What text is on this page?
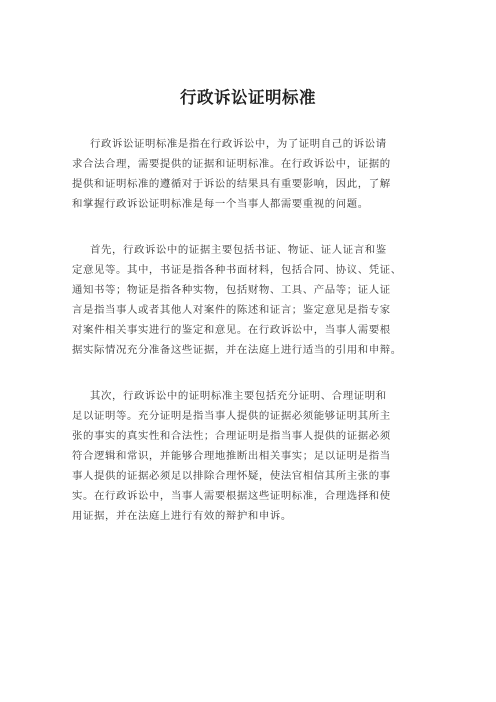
行政诉讼证明标准
行政诉讼证明标准是指在行政诉讼中，为了证明自己的诉讼请
求合法合理，需要提供的证据和证明标准。在行政诉讼中，证据的
提供和证明标准的遵循对于诉讼的结果具有重要影响，因此，了解
和掌握行政诉讼证明标准是每一个当事人都需要重视的问题。
首先，行政诉讼中的证据主要包括书证、物证、证人证言和鉴
定意见等。其中，书证是指各种书面材料，包括合同、协议、凭证、
通知书等；物证是指各种实物，包括财物、工具、产品等；证人证
言是指当事人或者其他人对案件的陈述和证言；鉴定意见是指专家
对案件相关事实进行的鉴定和意见。在行政诉讼中，当事人需要根
据实际情况充分准备这些证据，并在法庭上进行适当的引用和申辩。
其次，行政诉讼中的证明标准主要包括充分证明、合理证明和
足以证明等。充分证明是指当事人提供的证据必须能够证明其所主
张的事实的真实性和合法性；合理证明是指当事人提供的证据必须
符合逻辑和常识，并能够合理地推断出相关事实；足以证明是指当
事人提供的证据必须足以排除合理怀疑，使法官相信其所主张的事
实。在行政诉讼中，当事人需要根据这些证明标准，合理选择和使
用证据，并在法庭上进行有效的辩护和申诉。
